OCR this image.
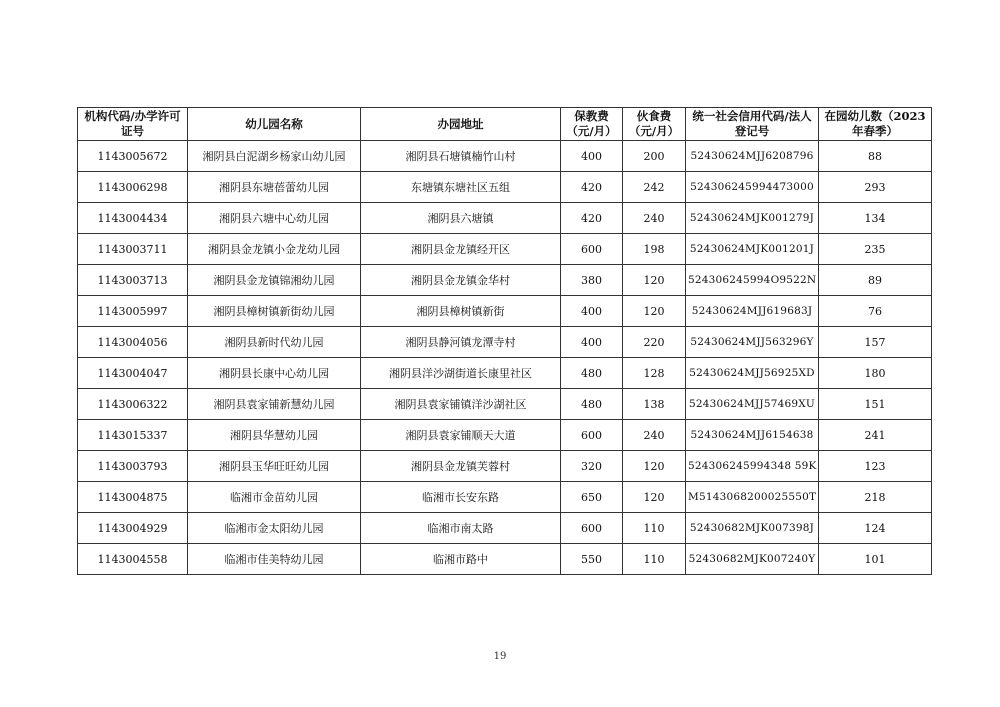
机构代码/办学许可证号	幼儿园名称	办园地址	保教费（元/月）	伙食费（元/月）	统一社会信用代码/法人登记号	在园幼儿数（2023 年春季）
1143005672	湘阴县白泥湖乡杨家山幼儿园	湘阴县石塘镇楠竹山村	400	200	52430624MJJ6208796	88
1143006298	湘阴县东塘蓓蕾幼儿园	东塘镇东塘社区五组	420	242	524306245994473000	293
1143004434	湘阴县六塘中心幼儿园	湘阴县六塘镇	420	240	52430624MJK001279J	134
1143003711	湘阴县金龙镇小金龙幼儿园	湘阴县金龙镇经开区	600	198	52430624MJK001201J	235
1143003713	湘阴县金龙镇锦湘幼儿园	湘阴县金龙镇金华村	380	120	524306245994O9522N	89
1143005997	湘阴县樟树镇新街幼儿园	湘阴县樟树镇新街	400	120	52430624MJJ619683J	76
1143004056	湘阴县新时代幼儿园	湘阴县静河镇龙潭寺村	400	220	52430624MJJ563296Y	157
1143004047	湘阴县长康中心幼儿园	湘阴县洋沙湖街道长康里社区	480	128	52430624MJJ56925XD	180
1143006322	湘阴县袁家铺新慧幼儿园	湘阴县袁家铺镇洋沙湖社区	480	138	52430624MJJ57469XU	151
1143015337	湘阴县华慧幼儿园	湘阴县袁家铺顺天大道	600	240	52430624MJJ6154638	241
1143003793	湘阴县玉华旺旺幼儿园	湘阴县金龙镇芙蓉村	320	120	524306245994348 59K	123
1143004875	临湘市金苗幼儿园	临湘市长安东路	650	120	M5143068200025550T	218
1143004929	临湘市金太阳幼儿园	临湘市南太路	600	110	52430682MJK007398J	124
1143004558	临湘市佳美特幼儿园	临湘市路中	550	110	52430682MJK007240Y	101
19
